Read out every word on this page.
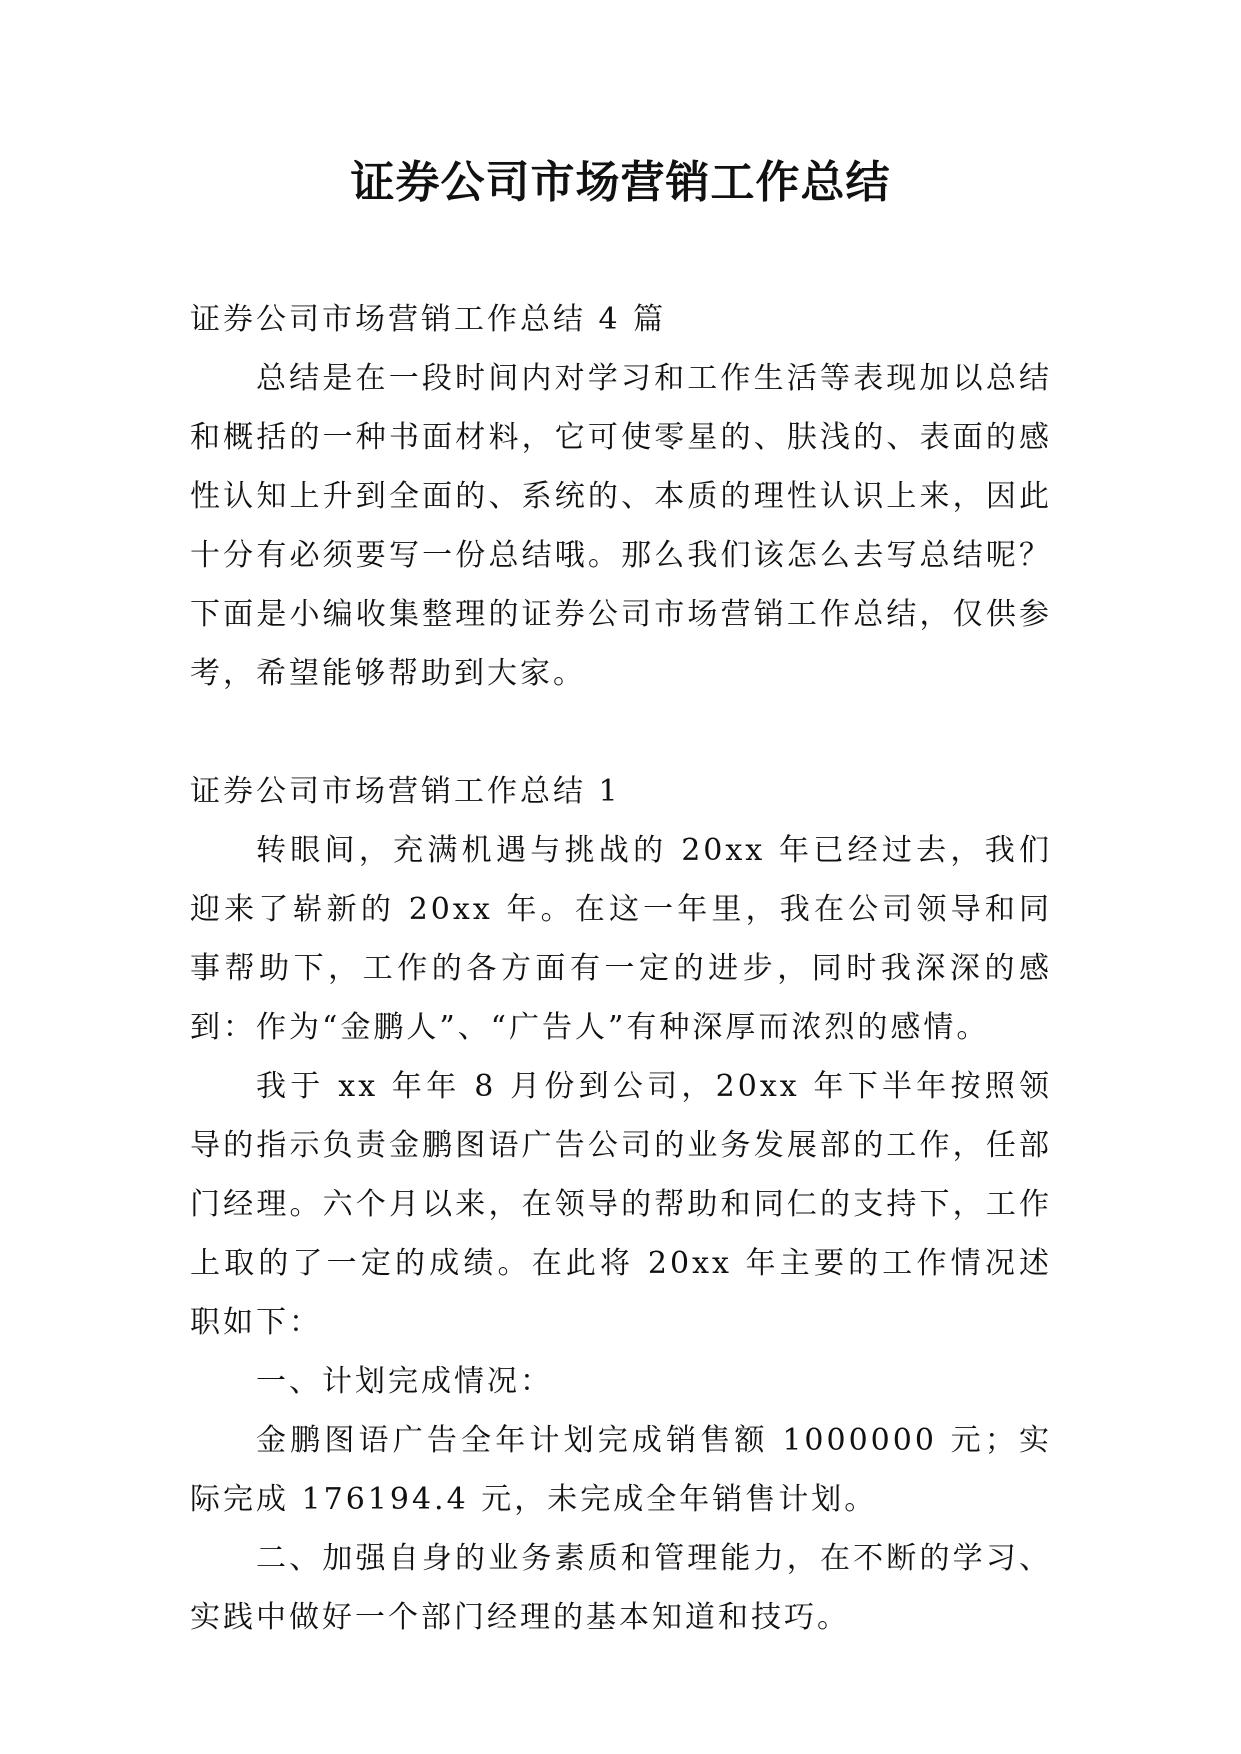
证券公司市场营销工作总结

证券公司市场营销工作总结 4 篇

总结是在一段时间内对学习和工作生活等表现加以总结和概括的一种书面材料，它可使零星的、肤浅的、表面的感性认知上升到全面的、系统的、本质的理性认识上来，因此十分有必须要写一份总结哦。那么我们该怎么去写总结呢？下面是小编收集整理的证券公司市场营销工作总结，仅供参考，希望能够帮助到大家。

证券公司市场营销工作总结 1

转眼间，充满机遇与挑战的 20xx 年已经过去，我们迎来了崭新的 20xx 年。在这一年里，我在公司领导和同事帮助下，工作的各方面有一定的进步，同时我深深的感到：作为“金鹏人”、“广告人”有种深厚而浓烈的感情。

我于 xx 年年 8 月份到公司，20xx 年下半年按照领导的指示负责金鹏图语广告公司的业务发展部的工作，任部门经理。六个月以来，在领导的帮助和同仁的支持下，工作上取的了一定的成绩。在此将 20xx 年主要的工作情况述职如下：

一、计划完成情况：

金鹏图语广告全年计划完成销售额 1000000 元；实际完成 176194.4 元，未完成全年销售计划。

二、加强自身的业务素质和管理能力，在不断的学习、实践中做好一个部门经理的基本知道和技巧。
